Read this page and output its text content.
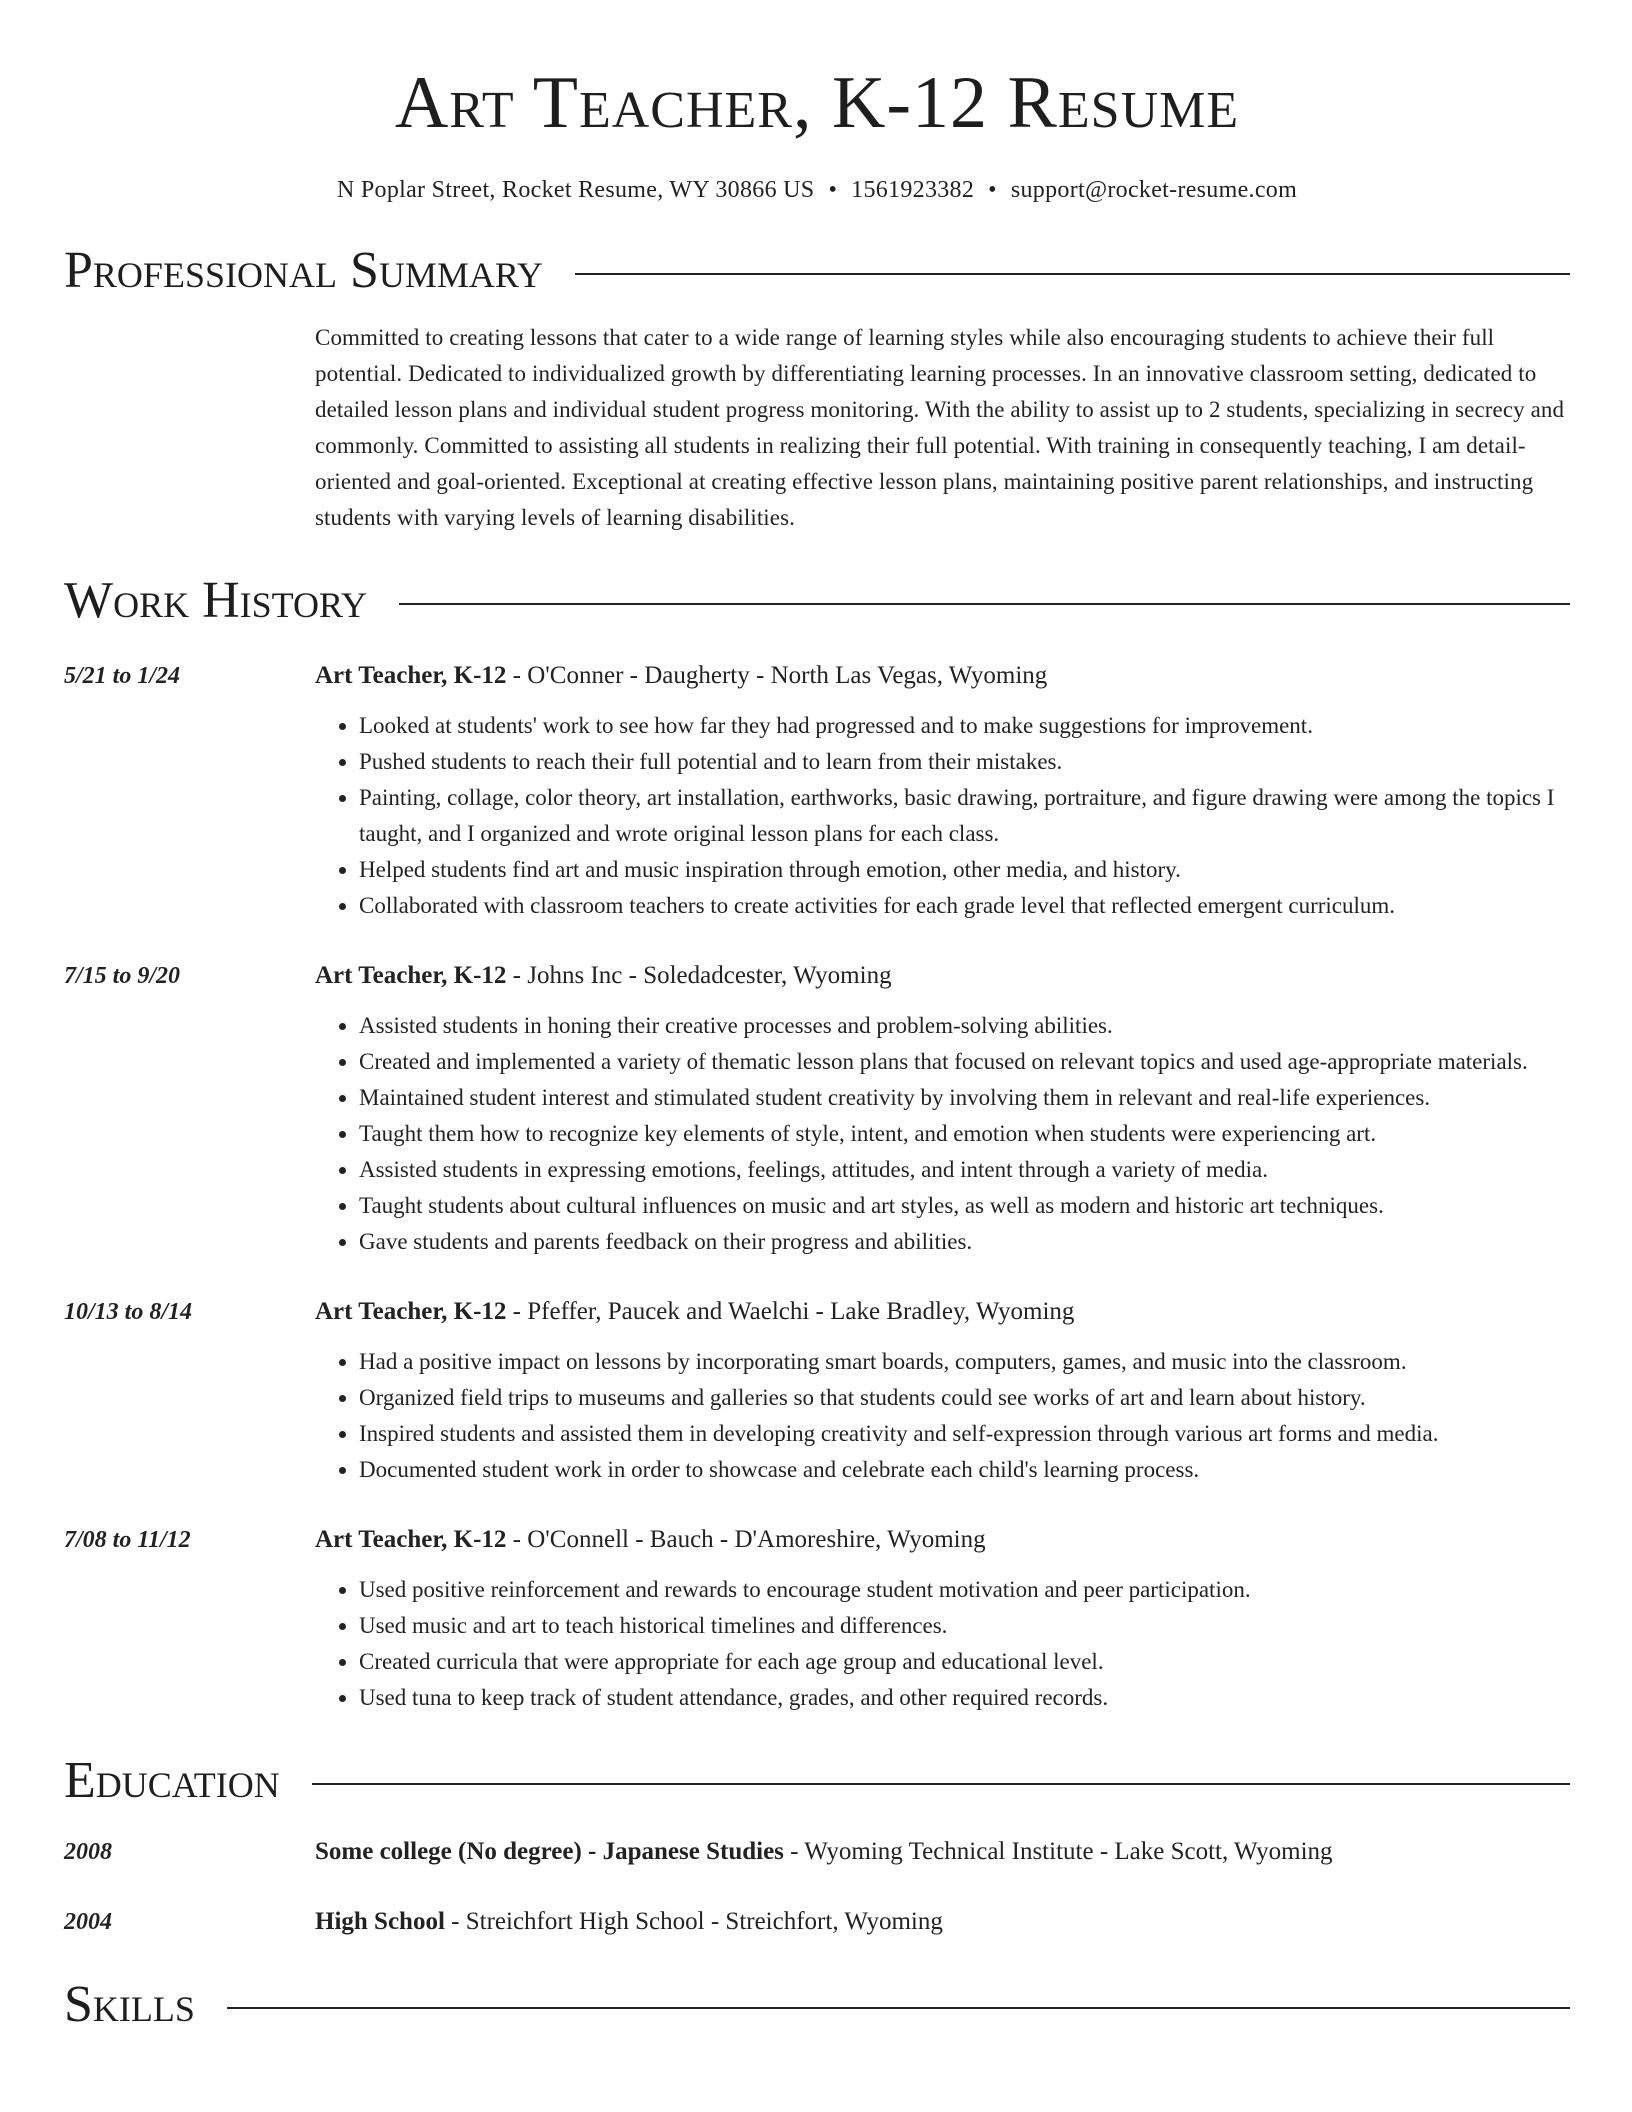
Art Teacher, K-12 Resume
N Poplar Street, Rocket Resume, WY 30866 US • 1561923382 • support@rocket-resume.com
Professional Summary
Committed to creating lessons that cater to a wide range of learning styles while also encouraging students to achieve their full potential. Dedicated to individualized growth by differentiating learning processes. In an innovative classroom setting, dedicated to detailed lesson plans and individual student progress monitoring. With the ability to assist up to 2 students, specializing in secrecy and commonly. Committed to assisting all students in realizing their full potential. With training in consequently teaching, I am detail-oriented and goal-oriented. Exceptional at creating effective lesson plans, maintaining positive parent relationships, and instructing students with varying levels of learning disabilities.
Work History
5/21 to 1/24	Art Teacher, K-12 - O'Conner - Daugherty - North Las Vegas, Wyoming
• Looked at students' work to see how far they had progressed and to make suggestions for improvement.
• Pushed students to reach their full potential and to learn from their mistakes.
• Painting, collage, color theory, art installation, earthworks, basic drawing, portraiture, and figure drawing were among the topics I taught, and I organized and wrote original lesson plans for each class.
• Helped students find art and music inspiration through emotion, other media, and history.
• Collaborated with classroom teachers to create activities for each grade level that reflected emergent curriculum.
7/15 to 9/20	Art Teacher, K-12 - Johns Inc - Soledadcester, Wyoming
• Assisted students in honing their creative processes and problem-solving abilities.
• Created and implemented a variety of thematic lesson plans that focused on relevant topics and used age-appropriate materials.
• Maintained student interest and stimulated student creativity by involving them in relevant and real-life experiences.
• Taught them how to recognize key elements of style, intent, and emotion when students were experiencing art.
• Assisted students in expressing emotions, feelings, attitudes, and intent through a variety of media.
• Taught students about cultural influences on music and art styles, as well as modern and historic art techniques.
• Gave students and parents feedback on their progress and abilities.
10/13 to 8/14	Art Teacher, K-12 - Pfeffer, Paucek and Waelchi - Lake Bradley, Wyoming
• Had a positive impact on lessons by incorporating smart boards, computers, games, and music into the classroom.
• Organized field trips to museums and galleries so that students could see works of art and learn about history.
• Inspired students and assisted them in developing creativity and self-expression through various art forms and media.
• Documented student work in order to showcase and celebrate each child's learning process.
7/08 to 11/12	Art Teacher, K-12 - O'Connell - Bauch - D'Amoreshire, Wyoming
• Used positive reinforcement and rewards to encourage student motivation and peer participation.
• Used music and art to teach historical timelines and differences.
• Created curricula that were appropriate for each age group and educational level.
• Used tuna to keep track of student attendance, grades, and other required records.
Education
2008	Some college (No degree) - Japanese Studies - Wyoming Technical Institute - Lake Scott, Wyoming
2004	High School - Streichfort High School - Streichfort, Wyoming
Skills
